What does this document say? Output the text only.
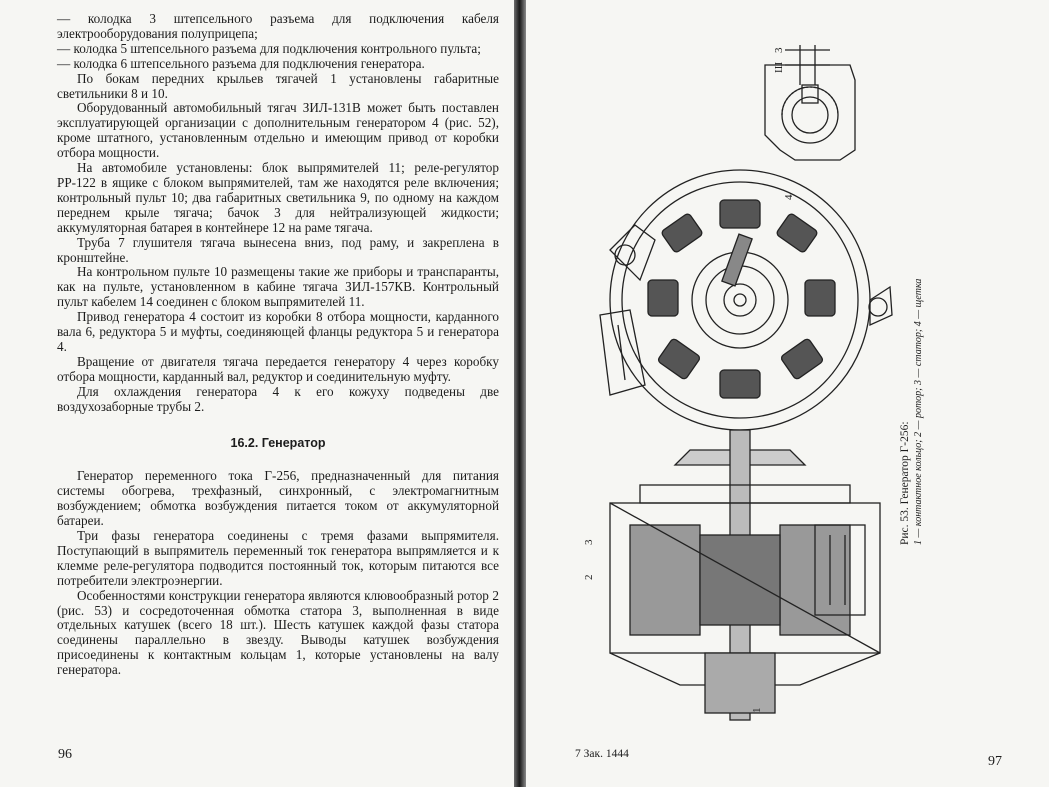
— колодка 3 штепсельного разъема для подключения кабеля электрооборудования полуприцепа;

— колодка 5 штепсельного разъема для подключения контрольного пульта;

— колодка 6 штепсельного разъема для подключения генератора.

По бокам передних крыльев тягачей 1 установлены габаритные светильники 8 и 10.

Оборудованный автомобильный тягач ЗИЛ-131В может быть поставлен эксплуатирующей организации с дополнительным генератором 4 (рис. 52), кроме штатного, установленным отдельно и имеющим привод от коробки отбора мощности.

На автомобиле установлены: блок выпрямителей 11; реле-регулятор РР-122 в ящике с блоком выпрямителей, там же находятся реле включения; контрольный пульт 10; два габаритных светильника 9, по одному на каждом переднем крыле тягача; бачок 3 для нейтрализующей жидкости; аккумуляторная батарея в контейнере 12 на раме тягача.

Труба 7 глушителя тягача вынесена вниз, под раму, и закреплена в кронштейне.

На контрольном пульте 10 размещены такие же приборы и транспаранты, как на пульте, установленном в кабине тягача ЗИЛ-157КВ. Контрольный пульт кабелем 14 соединен с блоком выпрямителей 11.

Привод генератора 4 состоит из коробки 8 отбора мощности, карданного вала 6, редуктора 5 и муфты, соединяющей фланцы редуктора 5 и генератора 4.

Вращение от двигателя тягача передается генератору 4 через коробку отбора мощности, карданный вал, редуктор и соединительную муфту.

Для охлаждения генератора 4 к его кожуху подведены две воздухозаборные трубы 2.

16.2. Генератор

Генератор переменного тока Г-256, предназначенный для питания системы обогрева, трехфазный, синхронный, с электромагнитным возбуждением; обмотка возбуждения питается током от аккумуляторной батареи.

Три фазы генератора соединены с тремя фазами выпрямителя. Поступающий в выпрямитель переменный ток генератора выпрямляется и к клемме реле-регулятора подводится постоянный ток, которым питаются все потребители электроэнергии.

Особенностями конструкции генератора являются клювообразный ротор 2 (рис. 53) и сосредоточенная обмотка статора 3, выполненная в виде отдельных катушек (всего 18 шт.). Шесть катушек каждой фазы статора соединены параллельно в звезду. Выводы катушек возбуждения присоединены к контактным кольцам 1, которые установлены на валу генератора.

96
3
Ш
4
3
2
1
Рис. 53. Генератор Г-256: 1 — контактное кольцо; 2 — ротор; 3 — статор; 4 — щетка
7 Зак. 1444	97
